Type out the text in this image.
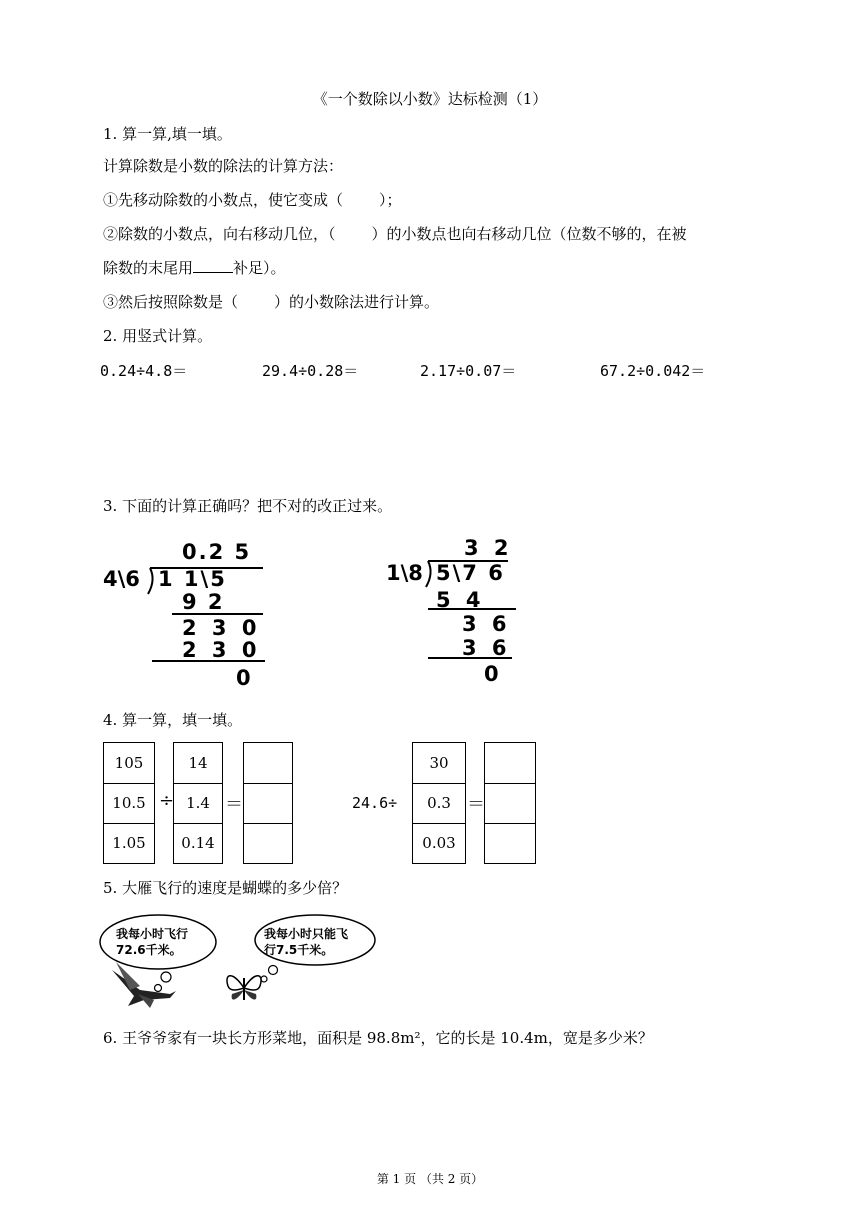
《一个数除以小数》达标检测（1）
1. 算一算,填一填。
计算除数是小数的除法的计算方法：
①先移动除数的小数点，使它变成（ ）；
②除数的小数点，向右移动几位，（ ）的小数点也向右移动几位（位数不够的，在被
除数的末尾用	补足）。
③然后按照除数是（ ）的小数除法进行计算。
2. 用竖式计算。
0.24÷4.8＝	29.4÷0.28＝	2.17÷0.07＝	67.2÷0.042＝
3. 下面的计算正确吗？把不对的改正过来。
0.2 5
4\6 1 1\5
9 2
2 3 0
2 3 0
0
3 2
1\8 5\7 6
5 4
3 6
3 6
0
4. 算一算，填一填。
105
10.5
1.05
÷
14
1.4
0.14
＝	24.6÷
30
0.3
0.03
＝
5. 大雁飞行的速度是蝴蝶的多少倍？
我每小时飞行
72.6千米。
我每小时只能飞
行7.5千米。
6. 王爷爷家有一块长方形菜地，面积是 98.8m²，它的长是 10.4m，宽是多少米？
第 1 页 （共 2 页）
